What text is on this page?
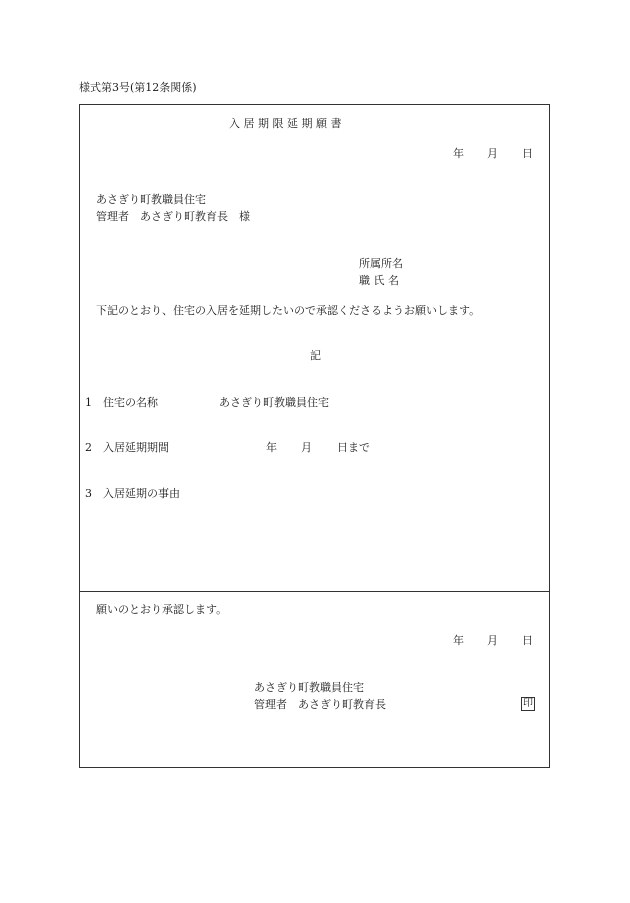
様式第3号(第12条関係)
入 居 期 限 延 期 願 書
年 月 日
あさぎり町教職員住宅
管理者　あさぎり町教育長　様
所属所名
職 氏 名
下記のとおり、住宅の入居を延期したいので承認くださるようお願いします。
記
1 住宅の名称	あさぎり町教職員住宅
2 入居延期期間	年 月 日まで
3 入居延期の事由
願いのとおり承認します。
年 月 日
あさぎり町教職員住宅
管理者　あさぎり町教育長	印
